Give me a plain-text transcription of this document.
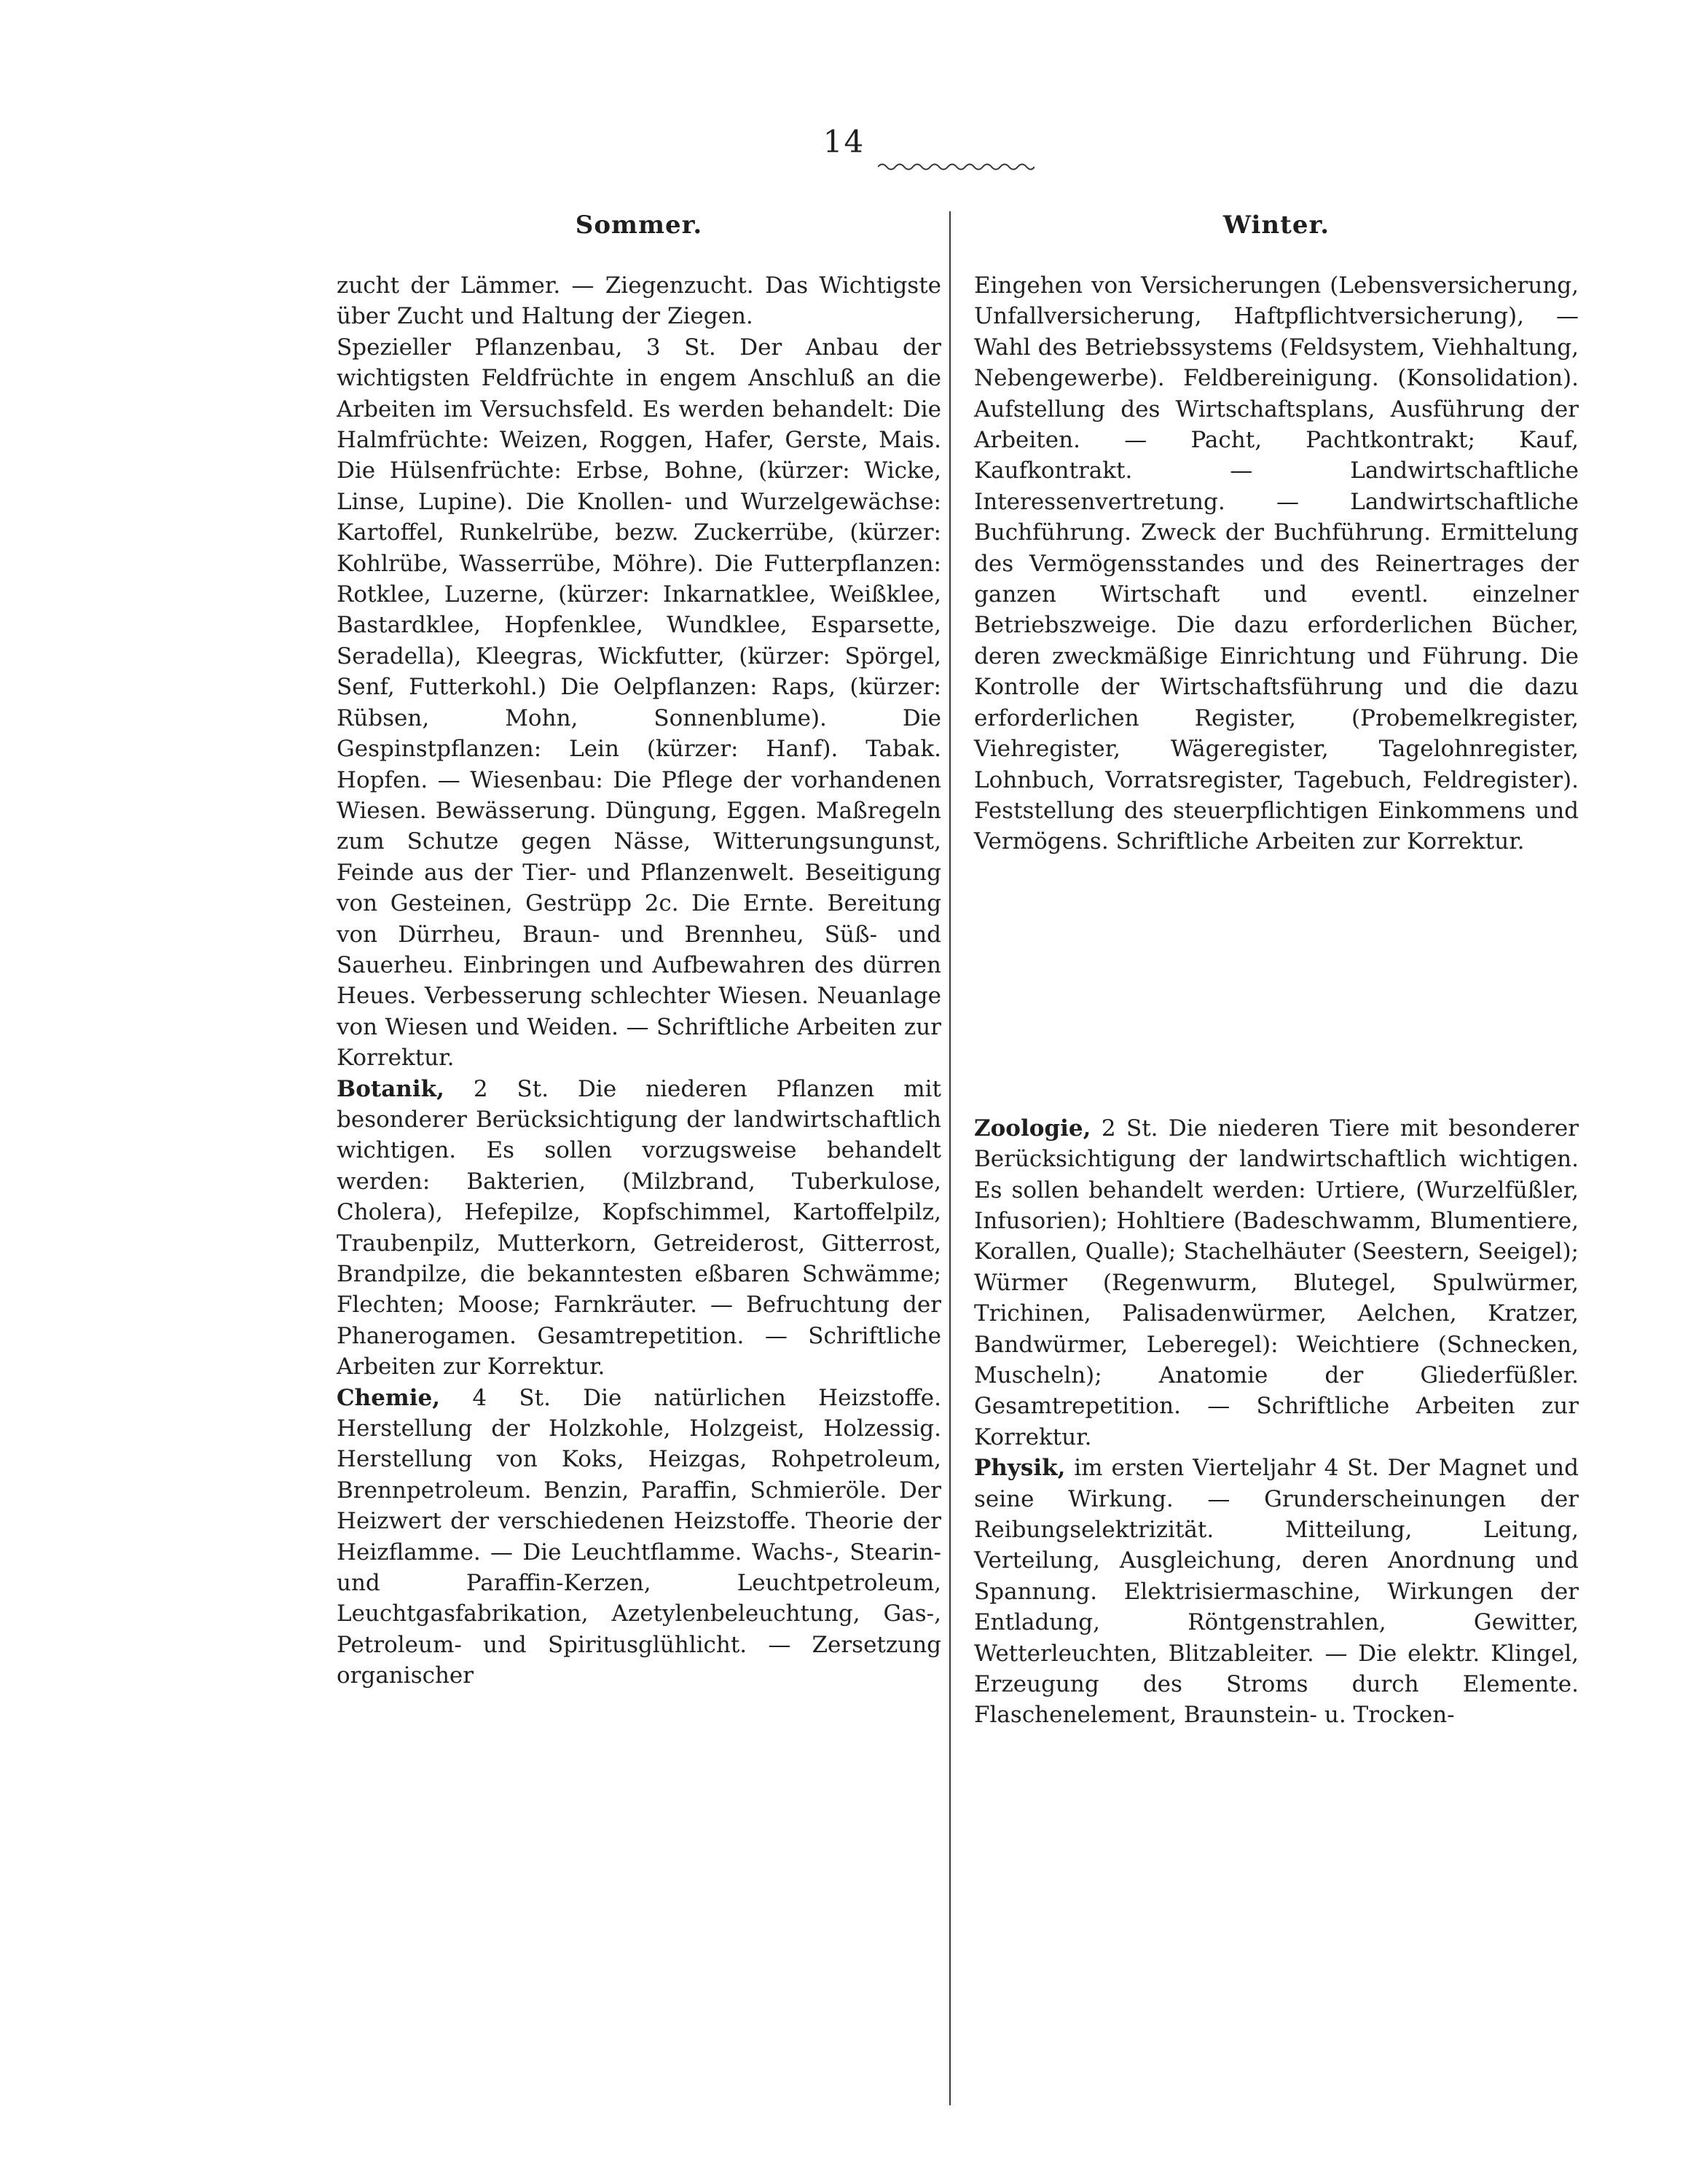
14
Sommer.

zucht der Lämmer. — Ziegenzucht. Das Wichtigste über Zucht und Haltung der Ziegen.

Spezieller Pflanzenbau, 3 St. Der Anbau der wichtigsten Feldfrüchte in engem Anschluß an die Arbeiten im Versuchsfeld. Es werden behandelt: Die Halmfrüchte: Weizen, Roggen, Hafer, Gerste, Mais. Die Hülsenfrüchte: Erbse, Bohne, (kürzer: Wicke, Linse, Lupine). Die Knollen- und Wurzelgewächse: Kartoffel, Runkelrübe, bezw. Zuckerrübe, (kürzer: Kohlrübe, Wasserrübe, Möhre). Die Futterpflanzen: Rotklee, Luzerne, (kürzer: Inkarnatklee, Weißklee, Bastardklee, Hopfenklee, Wundklee, Esparsette, Seradella), Kleegras, Wickfutter, (kürzer: Spörgel, Senf, Futterkohl.) Die Oelpflanzen: Raps, (kürzer: Rübsen, Mohn, Sonnenblume). Die Gespinstpflanzen: Lein (kürzer: Hanf). Tabak. Hopfen. — Wiesenbau: Die Pflege der vorhandenen Wiesen. Bewässerung. Düngung, Eggen. Maßregeln zum Schutze gegen Nässe, Witterungsungunst, Feinde aus der Tier- und Pflanzenwelt. Beseitigung von Gesteinen, Gestrüpp 2c. Die Ernte. Bereitung von Dürrheu, Braun- und Brennheu, Süß- und Sauerheu. Einbringen und Aufbewahren des dürren Heues. Verbesserung schlechter Wiesen. Neuanlage von Wiesen und Weiden. — Schriftliche Arbeiten zur Korrektur.

Botanik, 2 St. Die niederen Pflanzen mit besonderer Berücksichtigung der landwirtschaftlich wichtigen. Es sollen vorzugsweise behandelt werden: Bakterien, (Milzbrand, Tuberkulose, Cholera), Hefepilze, Kopfschimmel, Kartoffelpilz, Traubenpilz, Mutterkorn, Getreiderost, Gitterrost, Brandpilze, die bekanntesten eßbaren Schwämme; Flechten; Moose; Farnkräuter. — Befruchtung der Phanerogamen. Gesamtrepetition. — Schriftliche Arbeiten zur Korrektur.

Chemie, 4 St. Die natürlichen Heizstoffe. Herstellung der Holzkohle, Holzgeist, Holzessig. Herstellung von Koks, Heizgas, Rohpetroleum, Brennpetroleum. Benzin, Paraffin, Schmieröle. Der Heizwert der verschiedenen Heizstoffe. Theorie der Heizflamme. — Die Leuchtflamme. Wachs-, Stearin- und Paraffin-Kerzen, Leuchtpetroleum, Leuchtgasfabrikation, Azetylenbeleuchtung, Gas-, Petroleum- und Spiritusglühlicht. — Zersetzung organischer

Winter.

Eingehen von Versicherungen (Lebensversicherung, Unfallversicherung, Haftpflichtversicherung), — Wahl des Betriebssystems (Feldsystem, Viehhaltung, Nebengewerbe). Feldbereinigung. (Konsolidation). Aufstellung des Wirtschaftsplans, Ausführung der Arbeiten. — Pacht, Pachtkontrakt; Kauf, Kaufkontrakt. — Landwirtschaftliche Interessenvertretung. — Landwirtschaftliche Buchführung. Zweck der Buchführung. Ermittelung des Vermögensstandes und des Reinertrages der ganzen Wirtschaft und eventl. einzelner Betriebszweige. Die dazu erforderlichen Bücher, deren zweckmäßige Einrichtung und Führung. Die Kontrolle der Wirtschaftsführung und die dazu erforderlichen Register, (Probemelkregister, Viehregister, Wägeregister, Tagelohnregister, Lohnbuch, Vorratsregister, Tagebuch, Feldregister). Feststellung des steuerpflichtigen Einkommens und Vermögens. Schriftliche Arbeiten zur Korrektur.

Zoologie, 2 St. Die niederen Tiere mit besonderer Berücksichtigung der landwirtschaftlich wichtigen. Es sollen behandelt werden: Urtiere, (Wurzelfüßler, Infusorien); Hohltiere (Badeschwamm, Blumentiere, Korallen, Qualle); Stachelhäuter (Seestern, Seeigel); Würmer (Regenwurm, Blutegel, Spulwürmer, Trichinen, Palisadenwürmer, Aelchen, Kratzer, Bandwürmer, Leberegel): Weichtiere (Schnecken, Muscheln); Anatomie der Gliederfüßler. Gesamtrepetition. — Schriftliche Arbeiten zur Korrektur.

Physik, im ersten Vierteljahr 4 St. Der Magnet und seine Wirkung. — Grunderscheinungen der Reibungselektrizität. Mitteilung, Leitung, Verteilung, Ausgleichung, deren Anordnung und Spannung. Elektrisiermaschine, Wirkungen der Entladung, Röntgenstrahlen, Gewitter, Wetterleuchten, Blitzableiter. — Die elektr. Klingel, Erzeugung des Stroms durch Elemente. Flaschenelement, Braunstein- u. Trocken-
